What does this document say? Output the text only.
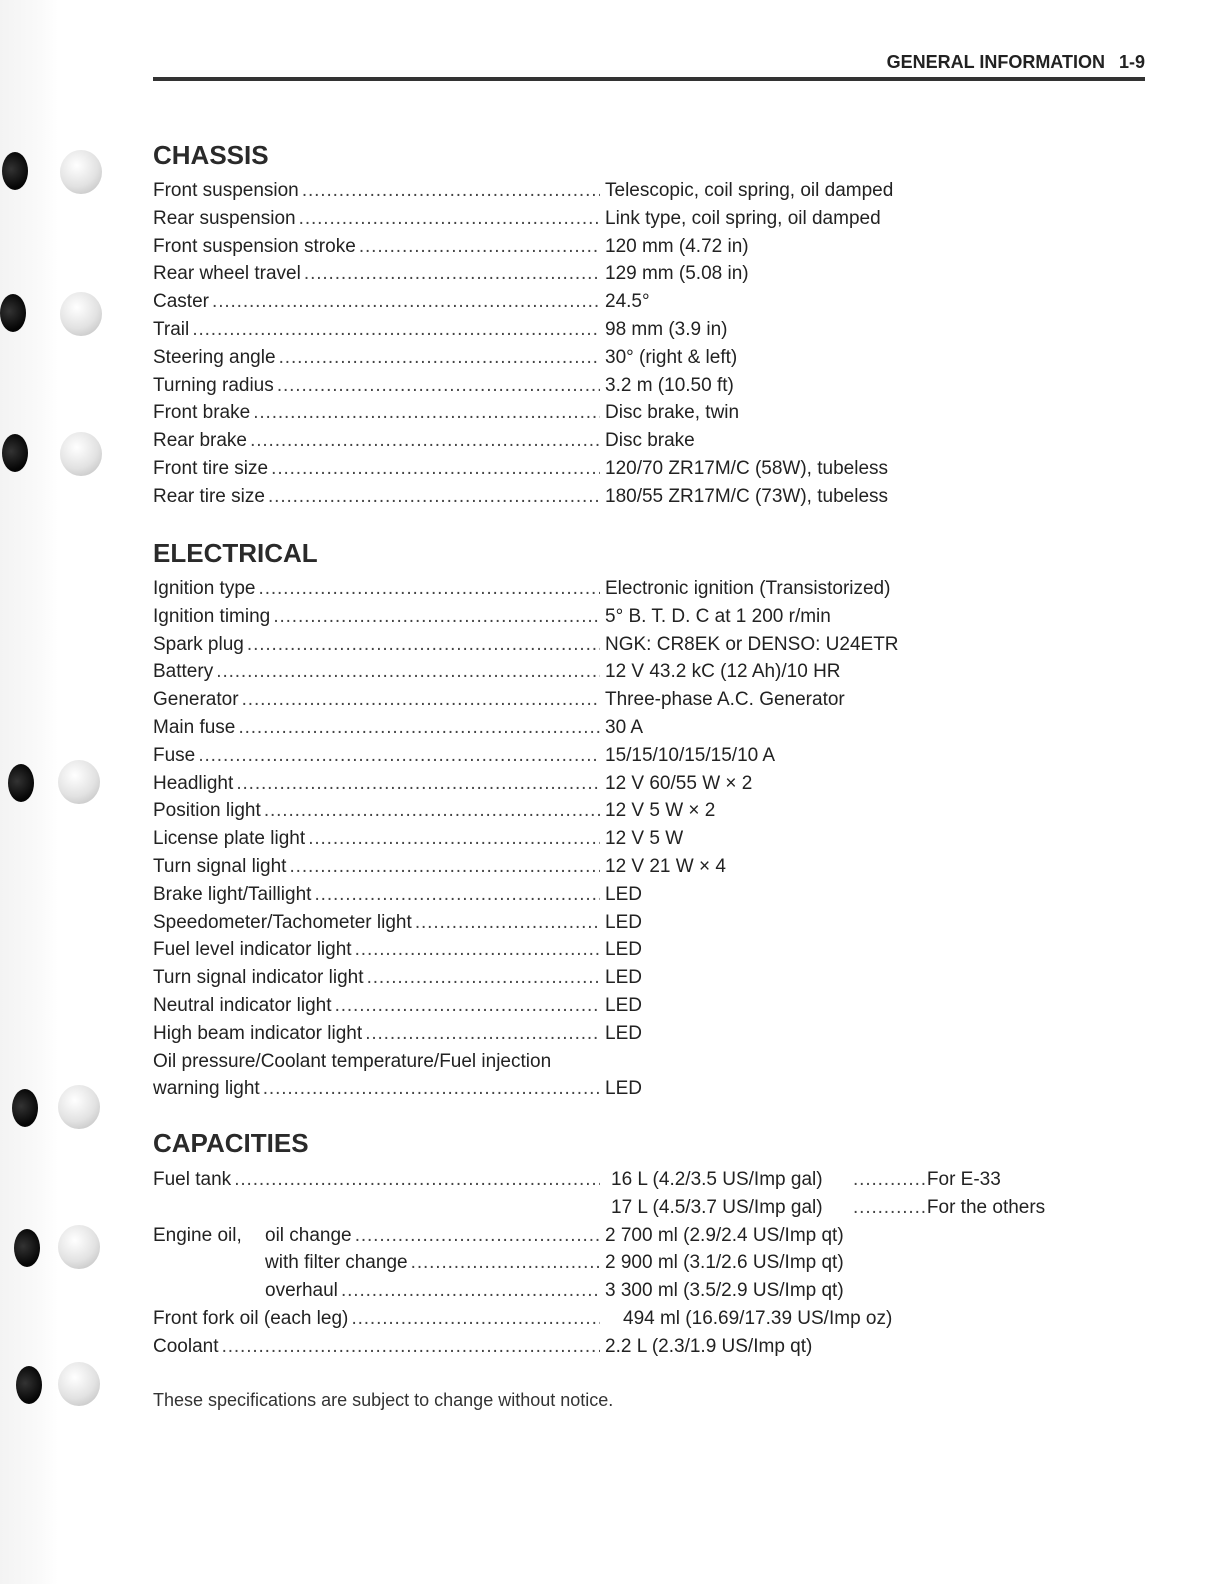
GENERAL INFORMATION 1-9
CHASSIS
Front suspension . . .	Telescopic, coil spring, oil damped
Rear suspension . . .	Link type, coil spring, oil damped
Front suspension stroke . . .	120 mm (4.72 in)
Rear wheel travel . . .	129 mm (5.08 in)
Caster . . .	24.5°
Trail . . .	98 mm (3.9 in)
Steering angle . . .	30° (right & left)
Turning radius . . .	3.2 m (10.50 ft)
Front brake . . .	Disc brake, twin
Rear brake . . .	Disc brake
Front tire size . . .	120/70 ZR17M/C (58W), tubeless
Rear tire size . . .	180/55 ZR17M/C (73W), tubeless
ELECTRICAL
Ignition type . . .	Electronic ignition (Transistorized)
Ignition timing . . .	5° B. T. D. C at 1 200 r/min
Spark plug . . .	NGK: CR8EK or DENSO: U24ETR
Battery . . .	12 V 43.2 kC (12 Ah)/10 HR
Generator . . .	Three-phase A.C. Generator
Main fuse . . .	30 A
Fuse . . .	15/15/10/15/15/10 A
Headlight . . .	12 V 60/55 W × 2
Position light . . .	12 V 5 W × 2
License plate light . . .	12 V 5 W
Turn signal light . . .	12 V 21 W × 4
Brake light/Taillight . . .	LED
Speedometer/Tachometer light . . .	LED
Fuel level indicator light . . .	LED
Turn signal indicator light . . .	LED
Neutral indicator light . . .	LED
High beam indicator light . . .	LED
Oil pressure/Coolant temperature/Fuel injection
warning light . . .	LED
CAPACITIES
Fuel tank . . .	16 L (4.2/3.5 US/Imp gal)	. . . For E-33
17 L (4.5/3.7 US/Imp gal)	. . . For the others
Engine oil, oil change . . .	2 700 ml (2.9/2.4 US/Imp qt)
with filter change . . .	2 900 ml (3.1/2.6 US/Imp qt)
overhaul . . .	3 300 ml (3.5/2.9 US/Imp qt)
Front fork oil (each leg) . . .	494 ml (16.69/17.39 US/Imp oz)
Coolant . . .	2.2 L (2.3/1.9 US/Imp qt)
These specifications are subject to change without notice.
